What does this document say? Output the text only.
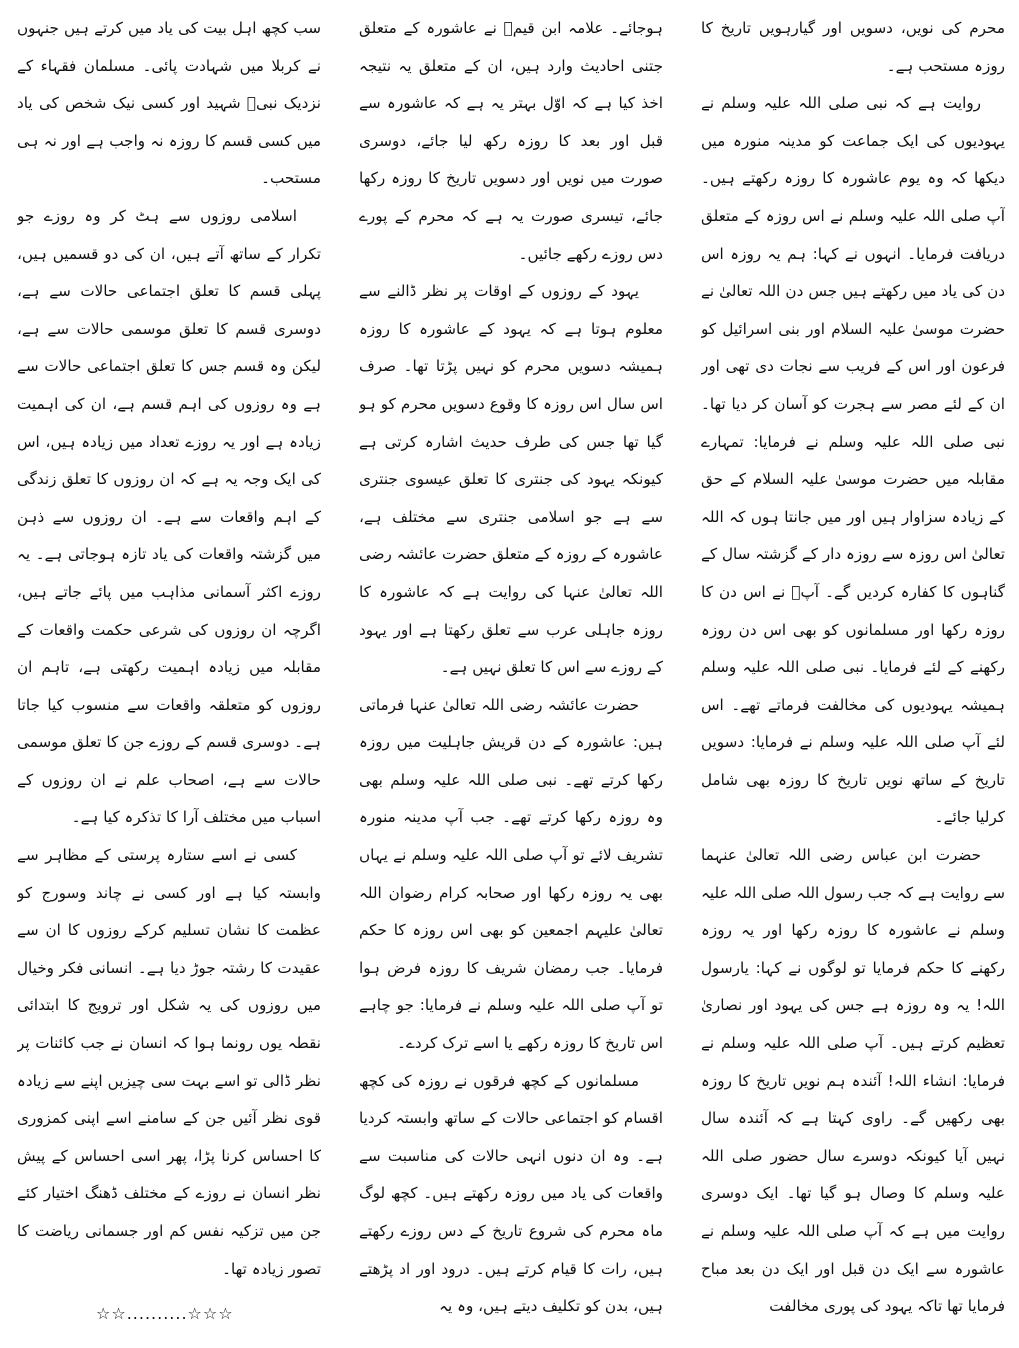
محرم کی نویں، دسویں اور گیارہویں تاریخ کا روزہ مستحب ہے۔

روایت ہے کہ نبی صلی اللہ علیہ وسلم نے یہودیوں کی ایک جماعت کو مدینہ منورہ میں دیکھا کہ وہ یوم عاشورہ کا روزہ رکھتے ہیں۔ آپ صلی اللہ علیہ وسلم نے اس روزہ کے متعلق دریافت فرمایا۔ انہوں نے کہا: ہم یہ روزہ اس دن کی یاد میں رکھتے ہیں جس دن اللہ تعالیٰ نے حضرت موسیٰ علیہ السلام اور بنی اسرائیل کو فرعون اور اس کے فریب سے نجات دی تھی اور ان کے لئے مصر سے ہجرت کو آسان کر دیا تھا۔ نبی صلی اللہ علیہ وسلم نے فرمایا: تمہارے مقابلہ میں حضرت موسیٰ علیہ السلام کے حق کے زیادہ سزاوار ہیں اور میں جانتا ہوں کہ اللہ تعالیٰ اس روزہ سے روزہ دار کے گزشتہ سال کے گناہوں کا کفارہ کردیں گے۔ آپؐ نے اس دن کا روزہ رکھا اور مسلمانوں کو بھی اس دن روزہ رکھنے کے لئے فرمایا۔ نبی صلی اللہ علیہ وسلم ہمیشہ یہودیوں کی مخالفت فرماتے تھے۔ اس لئے آپ صلی اللہ علیہ وسلم نے فرمایا: دسویں تاریخ کے ساتھ نویں تاریخ کا روزہ بھی شامل کرلیا جائے۔

حضرت ابن عباس رضی اللہ تعالیٰ عنہما سے روایت ہے کہ جب رسول اللہ صلی اللہ علیہ وسلم نے عاشورہ کا روزہ رکھا اور یہ روزہ رکھنے کا حکم فرمایا تو لوگوں نے کہا: یارسول اللہ! یہ وہ روزہ ہے جس کی یہود اور نصاریٰ تعظیم کرتے ہیں۔ آپ صلی اللہ علیہ وسلم نے فرمایا: انشاء اللہ! آئندہ ہم نویں تاریخ کا روزہ بھی رکھیں گے۔ راوی کہتا ہے کہ آئندہ سال نہیں آیا کیونکہ دوسرے سال حضور صلی اللہ علیہ وسلم کا وصال ہو گیا تھا۔ ایک دوسری روایت میں ہے کہ آپ صلی اللہ علیہ وسلم نے عاشورہ سے ایک دن قبل اور ایک دن بعد مباح فرمایا تھا تاکہ یہود کی پوری مخالفت

ہوجائے۔ علامہ ابن قیمؒ نے عاشورہ کے متعلق جتنی احادیث وارد ہیں، ان کے متعلق یہ نتیجہ اخذ کیا ہے کہ اوّل بہتر یہ ہے کہ عاشورہ سے قبل اور بعد کا روزہ رکھ لیا جائے، دوسری صورت میں نویں اور دسویں تاریخ کا روزہ رکھا جائے، تیسری صورت یہ ہے کہ محرم کے پورے دس روزے رکھے جائیں۔

یہود کے روزوں کے اوقات پر نظر ڈالنے سے معلوم ہوتا ہے کہ یہود کے عاشورہ کا روزہ ہمیشہ دسویں محرم کو نہیں پڑتا تھا۔ صرف اس سال اس روزہ کا وقوع دسویں محرم کو ہو گیا تھا جس کی طرف حدیث اشارہ کرتی ہے کیونکہ یہود کی جنتری کا تعلق عیسوی جنتری سے ہے جو اسلامی جنتری سے مختلف ہے، عاشورہ کے روزہ کے متعلق حضرت عائشہ رضی اللہ تعالیٰ عنہا کی روایت ہے کہ عاشورہ کا روزہ جاہلی عرب سے تعلق رکھتا ہے اور یہود کے روزے سے اس کا تعلق نہیں ہے۔

حضرت عائشہ رضی اللہ تعالیٰ عنہا فرماتی ہیں: عاشورہ کے دن قریش جاہلیت میں روزہ رکھا کرتے تھے۔ نبی صلی اللہ علیہ وسلم بھی وہ روزہ رکھا کرتے تھے۔ جب آپ مدینہ منورہ تشریف لائے تو آپ صلی اللہ علیہ وسلم نے یہاں بھی یہ روزہ رکھا اور صحابہ کرام رضوان اللہ تعالیٰ علیہم اجمعین کو بھی اس روزہ کا حکم فرمایا۔ جب رمضان شریف کا روزہ فرض ہوا تو آپ صلی اللہ علیہ وسلم نے فرمایا: جو چاہے اس تاریخ کا روزہ رکھے یا اسے ترک کردے۔

مسلمانوں کے کچھ فرقوں نے روزہ کی کچھ اقسام کو اجتماعی حالات کے ساتھ وابستہ کردیا ہے۔ وہ ان دنوں انہی حالات کی مناسبت سے واقعات کی یاد میں روزہ رکھتے ہیں۔ کچھ لوگ ماہ محرم کی شروع تاریخ کے دس روزے رکھتے ہیں، رات کا قیام کرتے ہیں۔ درود اور اد پڑھتے ہیں، بدن کو تکلیف دیتے ہیں، وہ یہ

سب کچھ اہل بیت کی یاد میں کرتے ہیں جنہوں نے کربلا میں شہادت پائی۔ مسلمان فقہاء کے نزدیک نبیؐ شہید اور کسی نیک شخص کی یاد میں کسی قسم کا روزہ نہ واجب ہے اور نہ ہی مستحب۔

اسلامی روزوں سے ہٹ کر وہ روزے جو تکرار کے ساتھ آتے ہیں، ان کی دو قسمیں ہیں، پہلی قسم کا تعلق اجتماعی حالات سے ہے، دوسری قسم کا تعلق موسمی حالات سے ہے، لیکن وہ قسم جس کا تعلق اجتماعی حالات سے ہے وہ روزوں کی اہم قسم ہے، ان کی اہمیت زیادہ ہے اور یہ روزے تعداد میں زیادہ ہیں، اس کی ایک وجہ یہ ہے کہ ان روزوں کا تعلق زندگی کے اہم واقعات سے ہے۔ ان روزوں سے ذہن میں گزشتہ واقعات کی یاد تازہ ہوجاتی ہے۔ یہ روزے اکثر آسمانی مذاہب میں پائے جاتے ہیں، اگرچہ ان روزوں کی شرعی حکمت واقعات کے مقابلہ میں زیادہ اہمیت رکھتی ہے، تاہم ان روزوں کو متعلقہ واقعات سے منسوب کیا جاتا ہے۔ دوسری قسم کے روزے جن کا تعلق موسمی حالات سے ہے، اصحاب علم نے ان روزوں کے اسباب میں مختلف آرا کا تذکرہ کیا ہے۔

کسی نے اسے ستارہ پرستی کے مظاہر سے وابستہ کیا ہے اور کسی نے چاند وسورج کو عظمت کا نشان تسلیم کرکے روزوں کا ان سے عقیدت کا رشتہ جوڑ دیا ہے۔ انسانی فکر وخیال میں روزوں کی یہ شکل اور ترویج کا ابتدائی نقطہ یوں رونما ہوا کہ انسان نے جب کائنات پر نظر ڈالی تو اسے بہت سی چیزیں اپنے سے زیادہ قوی نظر آئیں جن کے سامنے اسے اپنی کمزوری کا احساس کرنا پڑا، پھر اسی احساس کے پیش نظر انسان نے روزے کے مختلف ڈھنگ اختیار کئے جن میں تزکیہ نفس کم اور جسمانی ریاضت کا تصور زیادہ تھا۔

☆☆..........☆☆☆
